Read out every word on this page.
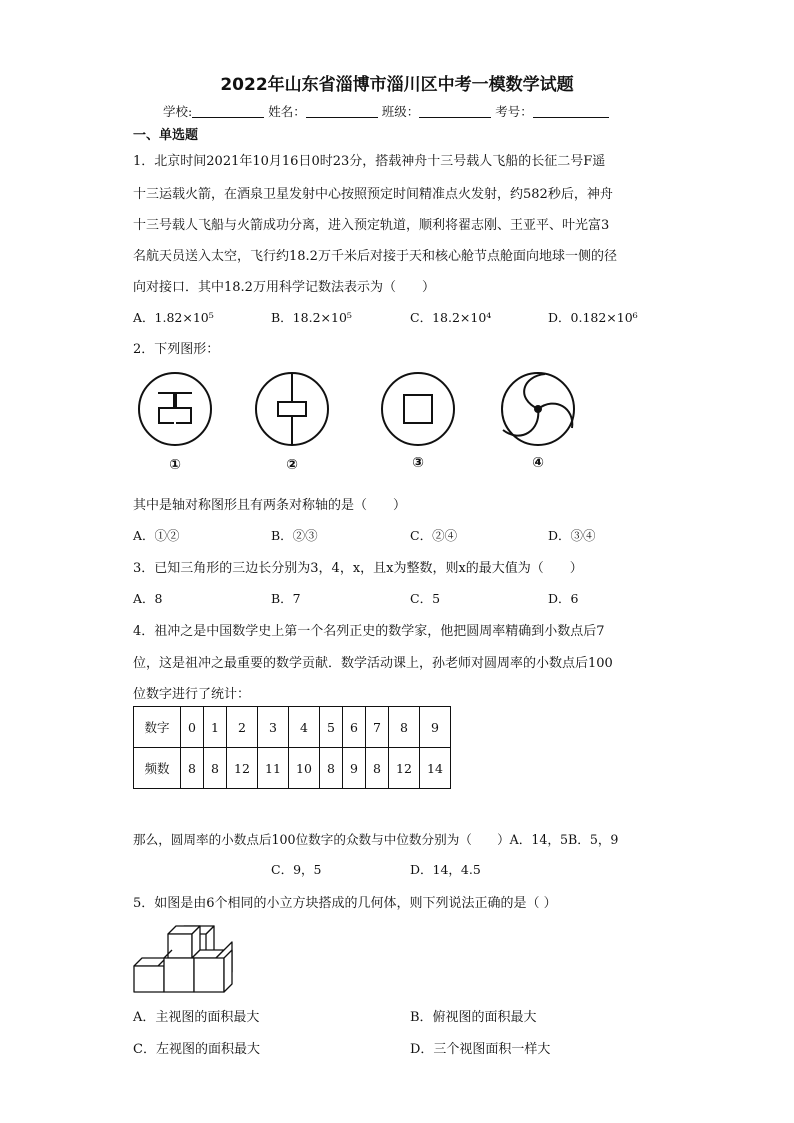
2022年山东省淄博市淄川区中考一模数学试题
学校:	姓名：	班级：	考号：
一、单选题
1．北京时间2021年10月16日0时23分，搭载神舟十三号载人飞船的长征二号F遥
十三运载火箭，在酒泉卫星发射中心按照预定时间精准点火发射，约582秒后，神舟
十三号载人飞船与火箭成功分离，进入预定轨道，顺利将翟志刚、王亚平、叶光富3
名航天员送入太空，飞行约18.2万千米后对接于天和核心舱节点舱面向地球一侧的径
向对接口．其中18.2万用科学记数法表示为（　　）
A．1.82×10⁵	B．18.2×10⁵	C．18.2×10⁴	D．0.182×10⁶
2．下列图形：
①	②	③	④
其中是轴对称图形且有两条对称轴的是（　　）
A．①②	B．②③	C．②④	D．③④
3．已知三角形的三边长分别为3，4，x，且x为整数，则x的最大值为（　　）
A．8	B．7	C．5	D．6
4．祖冲之是中国数学史上第一个名列正史的数学家，他把圆周率精确到小数点后7
位，这是祖冲之最重要的数学贡献．数学活动课上，孙老师对圆周率的小数点后100
位数字进行了统计：
数字	0	1	2	3	4	5	6	7	8	9
频数	8	8	12	11	10	8	9	8	12	14
那么，圆周率的小数点后100位数字的众数与中位数分别为（　　）A．14，5B．5，9
C．9，5	D．14，4.5
5．如图是由6个相同的小立方块搭成的几何体，则下列说法正确的是（ ）
A．主视图的面积最大	B．俯视图的面积最大
C．左视图的面积最大	D．三个视图面积一样大
